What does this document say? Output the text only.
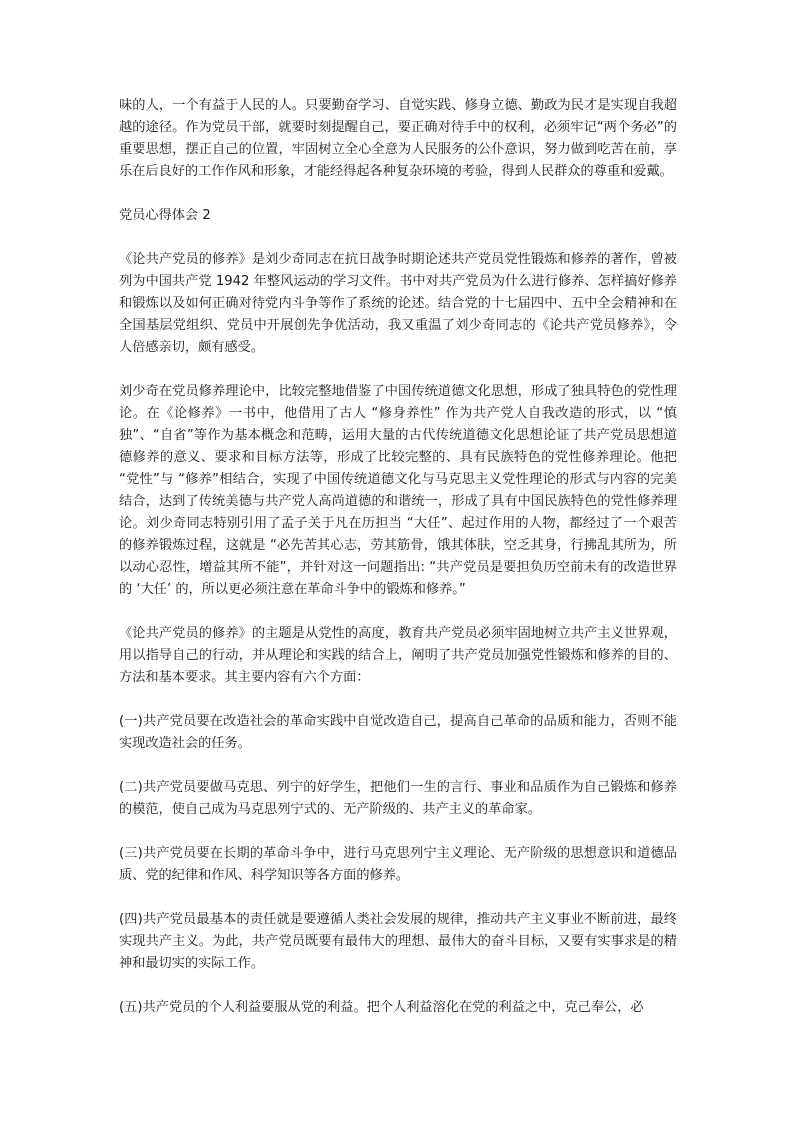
味的人，一个有益于人民的人。只要勤奋学习、自觉实践、修身立德、勤政为民才是实现自我超越的途径。作为党员干部，就要时刻提醒自己，要正确对待手中的权利，必须牢记“两个务必”的重要思想，摆正自己的位置，牢固树立全心全意为人民服务的公仆意识，努力做到吃苦在前，享乐在后良好的工作作风和形象，才能经得起各种复杂环境的考验，得到人民群众的尊重和爱戴。

党员心得体会 2

《论共产党员的修养》是刘少奇同志在抗日战争时期论述共产党员党性锻炼和修养的著作，曾被列为中国共产党 1942 年整风运动的学习文件。书中对共产党员为什么进行修养、怎样搞好修养和锻炼以及如何正确对待党内斗争等作了系统的论述。结合党的十七届四中、五中全会精神和在全国基层党组织、党员中开展创先争优活动，我又重温了刘少奇同志的《论共产党员修养》，令人倍感亲切，颇有感受。

刘少奇在党员修养理论中，比较完整地借鉴了中国传统道德文化思想，形成了独具特色的党性理论。在《论修养》一书中，他借用了古人 “修身养性” 作为共产党人自我改造的形式，以 “慎独”、“自省”等作为基本概念和范畴，运用大量的古代传统道德文化思想论证了共产党员思想道德修养的意义、要求和目标方法等，形成了比较完整的、具有民族特色的党性修养理论。他把 “党性”与 “修养”相结合，实现了中国传统道德文化与马克思主义党性理论的形式与内容的完美结合，达到了传统美德与共产党人高尚道德的和谐统一，形成了具有中国民族特色的党性修养理论。刘少奇同志特别引用了孟子关于凡在历担当 “大任”、起过作用的人物，都经过了一个艰苦的修养锻炼过程，这就是 “必先苦其心志，劳其筋骨，饿其体肤，空乏其身，行拂乱其所为，所以动心忍性，增益其所不能”，并针对这一问题指出: “共产党员是要担负历空前未有的改造世界的 ‘大任’ 的，所以更必须注意在革命斗争中的锻炼和修养。”

《论共产党员的修养》的主题是从党性的高度，教育共产党员必须牢固地树立共产主义世界观，用以指导自己的行动，并从理论和实践的结合上，阐明了共产党员加强党性锻炼和修养的目的、方法和基本要求。其主要内容有六个方面：

(一)共产党员要在改造社会的革命实践中自觉改造自己，提高自己革命的品质和能力，否则不能实现改造社会的任务。

(二)共产党员要做马克思、列宁的好学生，把他们一生的言行、事业和品质作为自己锻炼和修养的模范，使自己成为马克思列宁式的、无产阶级的、共产主义的革命家。

(三)共产党员要在长期的革命斗争中，进行马克思列宁主义理论、无产阶级的思想意识和道德品质、党的纪律和作风、科学知识等各方面的修养。

(四)共产党员最基本的责任就是要遵循人类社会发展的规律，推动共产主义事业不断前进，最终实现共产主义。为此，共产党员既要有最伟大的理想、最伟大的奋斗目标，又要有实事求是的精神和最切实的实际工作。

(五)共产党员的个人利益要服从党的利益。把个人利益溶化在党的利益之中，克己奉公，必
